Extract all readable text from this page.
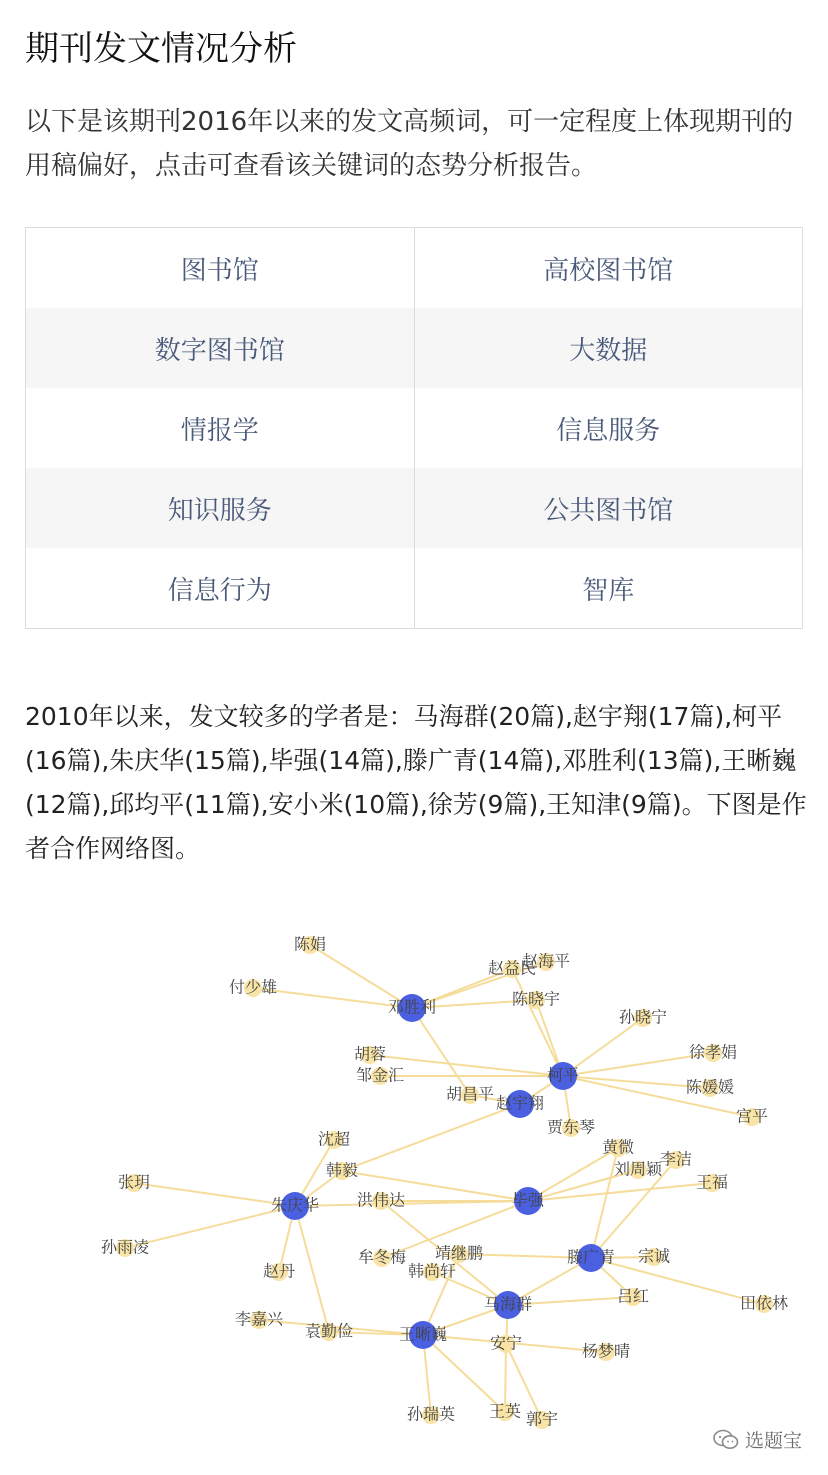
期刊发文情况分析

以下是该期刊2016年以来的发文高频词，可一定程度上体现期刊的用稿偏好，点击可查看该关键词的态势分析报告。

图书馆	高校图书馆
数字图书馆	大数据
情报学	信息服务
知识服务	公共图书馆
信息行为	智库

2010年以来，发文较多的学者是：马海群(20篇),赵宇翔(17篇),柯平(16篇),朱庆华(15篇),毕强(14篇),滕广青(14篇),邓胜利(13篇),王晰巍(12篇),邱均平(11篇),安小米(10篇),徐芳(9篇),王知津(9篇)。下图是作者合作网络图。

陈娟
付少雄
赵益民
赵海平
陈晓宇
孙晓宁
胡蓉
邹金汇
徐孝娟
陈媛媛
宫平
胡昌平
贾东琴
黄微
刘周颖
李洁
王福
沈超
韩毅
张玥
孙雨凌
洪伟达
牟冬梅 靖继鹏
韩尚轩
宗诚
赵丹
吕红	田依林
李嘉兴
袁勤俭
安宁	杨梦晴
孙瑞英 王英 郭宇
邓胜利
柯平
赵宇翔
朱庆华	毕强
滕广青
马海群
王晰巍
选题宝
